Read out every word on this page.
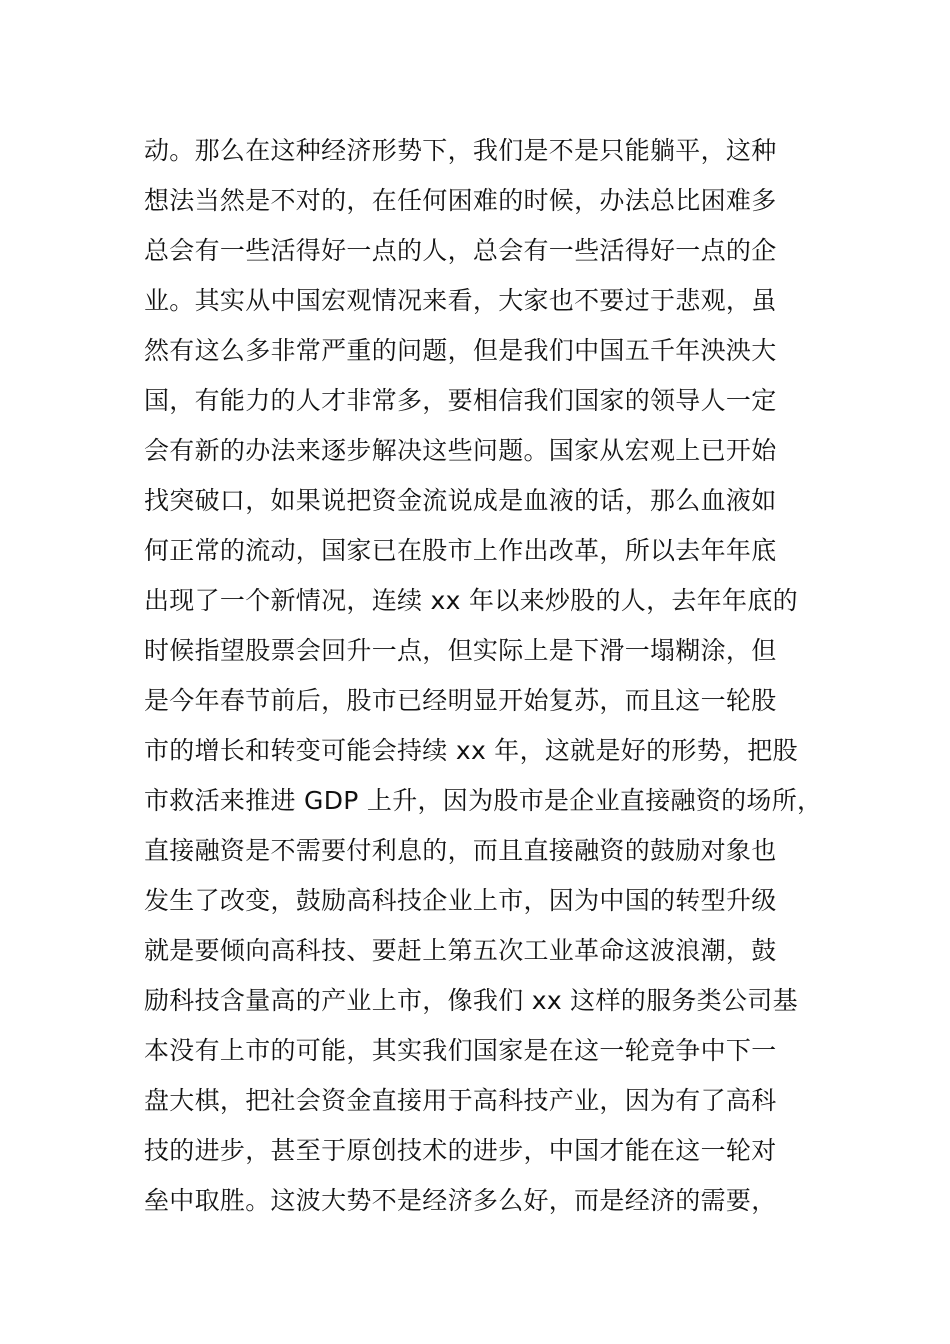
动。那么在这种经济形势下，我们是不是只能躺平，这种
想法当然是不对的，在任何困难的时候，办法总比困难多
总会有一些活得好一点的人，总会有一些活得好一点的企
业。其实从中国宏观情况来看，大家也不要过于悲观，虽
然有这么多非常严重的问题，但是我们中国五千年泱泱大
国，有能力的人才非常多，要相信我们国家的领导人一定
会有新的办法来逐步解决这些问题。国家从宏观上已开始
找突破口，如果说把资金流说成是血液的话，那么血液如
何正常的流动，国家已在股市上作出改革，所以去年年底
出现了一个新情况，连续 xx 年以来炒股的人，去年年底的
时候指望股票会回升一点，但实际上是下滑一塌糊涂，但
是今年春节前后，股市已经明显开始复苏，而且这一轮股
市的增长和转变可能会持续 xx 年，这就是好的形势，把股
市救活来推进 GDP 上升，因为股市是企业直接融资的场所，
直接融资是不需要付利息的，而且直接融资的鼓励对象也
发生了改变，鼓励高科技企业上市，因为中国的转型升级
就是要倾向高科技、要赶上第五次工业革命这波浪潮，鼓
励科技含量高的产业上市，像我们 xx 这样的服务类公司基
本没有上市的可能，其实我们国家是在这一轮竞争中下一
盘大棋，把社会资金直接用于高科技产业，因为有了高科
技的进步，甚至于原创技术的进步，中国才能在这一轮对
垒中取胜。这波大势不是经济多么好，而是经济的需要，
